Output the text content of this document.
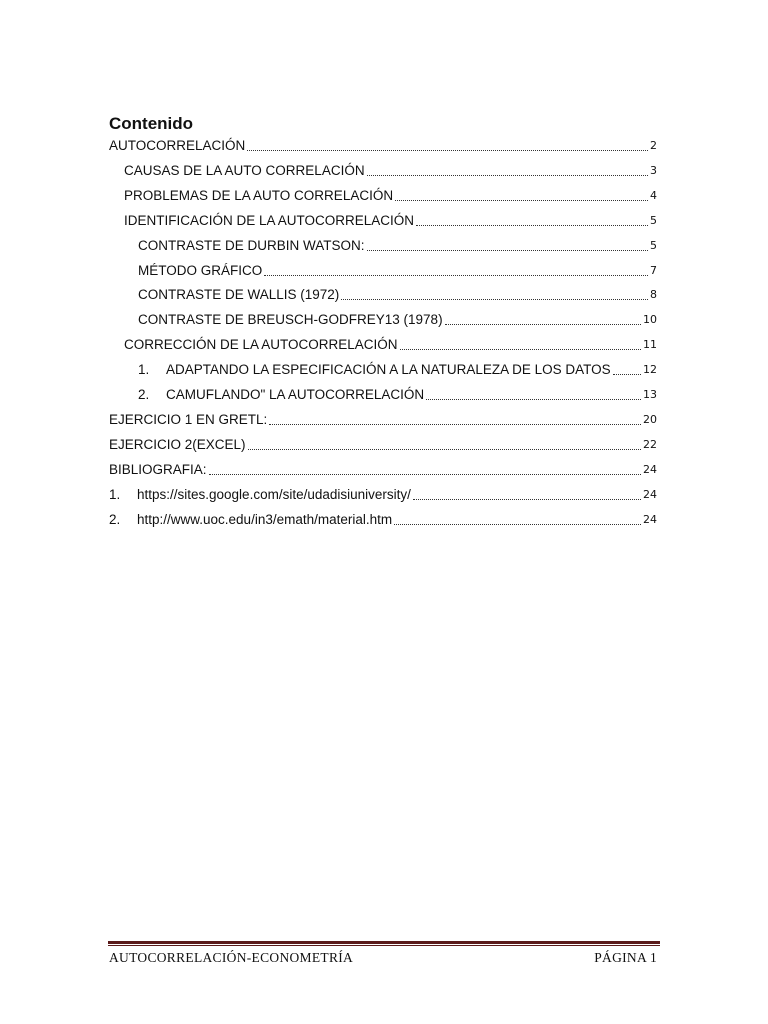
Contenido
AUTOCORRELACIÓN	2
CAUSAS DE LA AUTO CORRELACIÓN	3
PROBLEMAS DE LA AUTO CORRELACIÓN	4
IDENTIFICACIÓN DE LA AUTOCORRELACIÓN	5
CONTRASTE DE DURBIN WATSON:	5
MÉTODO GRÁFICO	7
CONTRASTE DE WALLIS (1972)	8
CONTRASTE DE BREUSCH-GODFREY13 (1978)	10
CORRECCIÓN DE LA AUTOCORRELACIÓN	11
1.	ADAPTANDO LA ESPECIFICACIÓN A LA NATURALEZA DE LOS DATOS	12
2.	CAMUFLANDO" LA AUTOCORRELACIÓN	13
EJERCICIO 1 EN GRETL:	20
EJERCICIO 2(EXCEL)	22
BIBLIOGRAFIA:	24
1.	https://sites.google.com/site/udadisiuniversity/	24
2.	http://www.uoc.edu/in3/emath/material.htm	24
AUTOCORRELACIÓN-ECONOMETRÍA	PÁGINA 1
